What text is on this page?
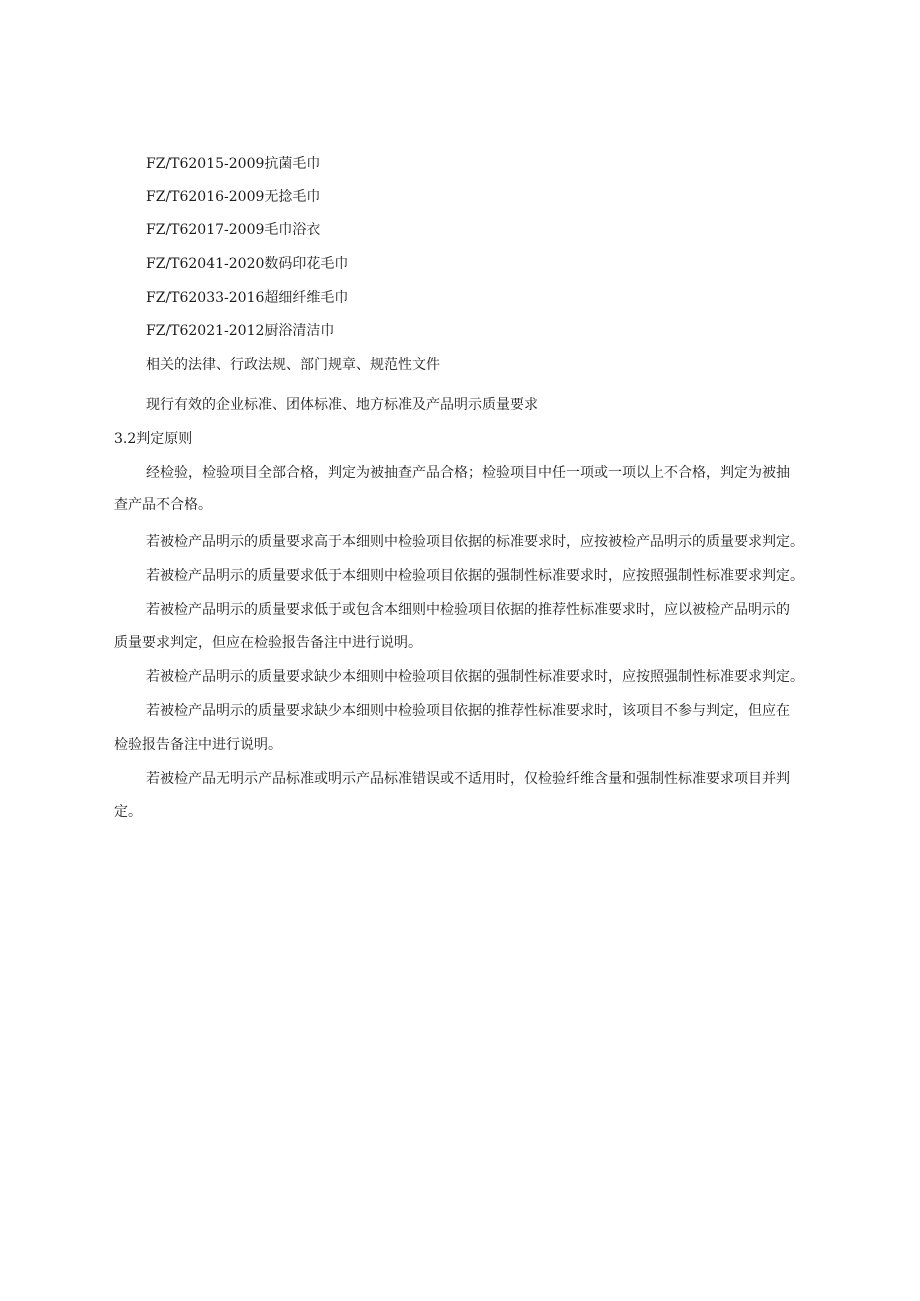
FZ/T62015-2009抗菌毛巾

FZ/T62016-2009无捻毛巾

FZ/T62017-2009毛巾浴衣

FZ/T62041-2020数码印花毛巾

FZ/T62033-2016超细纤维毛巾

FZ/T62021-2012厨浴清洁巾

相关的法律、行政法规、部门规章、规范性文件

现行有效的企业标准、团体标准、地方标准及产品明示质量要求

3.2判定原则

经检验，检验项目全部合格，判定为被抽查产品合格；检验项目中任一项或一项以上不合格，判定为被抽

查产品不合格。

若被检产品明示的质量要求高于本细则中检验项目依据的标准要求时，应按被检产品明示的质量要求判定。

若被检产品明示的质量要求低于本细则中检验项目依据的强制性标准要求时，应按照强制性标准要求判定。

若被检产品明示的质量要求低于或包含本细则中检验项目依据的推荐性标准要求时，应以被检产品明示的

质量要求判定，但应在检验报告备注中进行说明。

若被检产品明示的质量要求缺少本细则中检验项目依据的强制性标准要求时，应按照强制性标准要求判定。

若被检产品明示的质量要求缺少本细则中检验项目依据的推荐性标准要求时，该项目不参与判定，但应在

检验报告备注中进行说明。

若被检产品无明示产品标准或明示产品标准错误或不适用时，仅检验纤维含量和强制性标准要求项目并判

定。
